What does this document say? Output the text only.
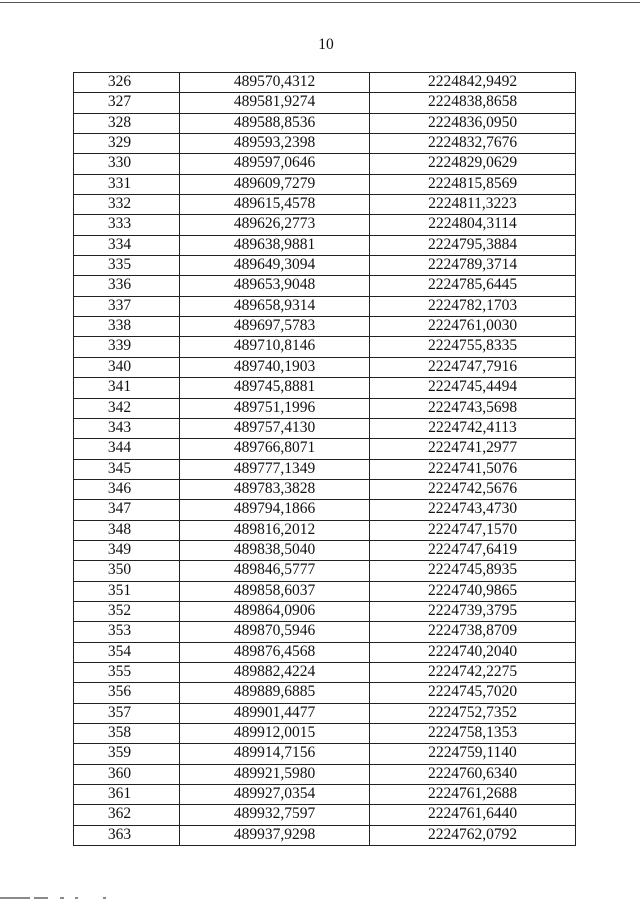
10
326	489570,4312	2224842,9492
327	489581,9274	2224838,8658
328	489588,8536	2224836,0950
329	489593,2398	2224832,7676
330	489597,0646	2224829,0629
331	489609,7279	2224815,8569
332	489615,4578	2224811,3223
333	489626,2773	2224804,3114
334	489638,9881	2224795,3884
335	489649,3094	2224789,3714
336	489653,9048	2224785,6445
337	489658,9314	2224782,1703
338	489697,5783	2224761,0030
339	489710,8146	2224755,8335
340	489740,1903	2224747,7916
341	489745,8881	2224745,4494
342	489751,1996	2224743,5698
343	489757,4130	2224742,4113
344	489766,8071	2224741,2977
345	489777,1349	2224741,5076
346	489783,3828	2224742,5676
347	489794,1866	2224743,4730
348	489816,2012	2224747,1570
349	489838,5040	2224747,6419
350	489846,5777	2224745,8935
351	489858,6037	2224740,9865
352	489864,0906	2224739,3795
353	489870,5946	2224738,8709
354	489876,4568	2224740,2040
355	489882,4224	2224742,2275
356	489889,6885	2224745,7020
357	489901,4477	2224752,7352
358	489912,0015	2224758,1353
359	489914,7156	2224759,1140
360	489921,5980	2224760,6340
361	489927,0354	2224761,2688
362	489932,7597	2224761,6440
363	489937,9298	2224762,0792
